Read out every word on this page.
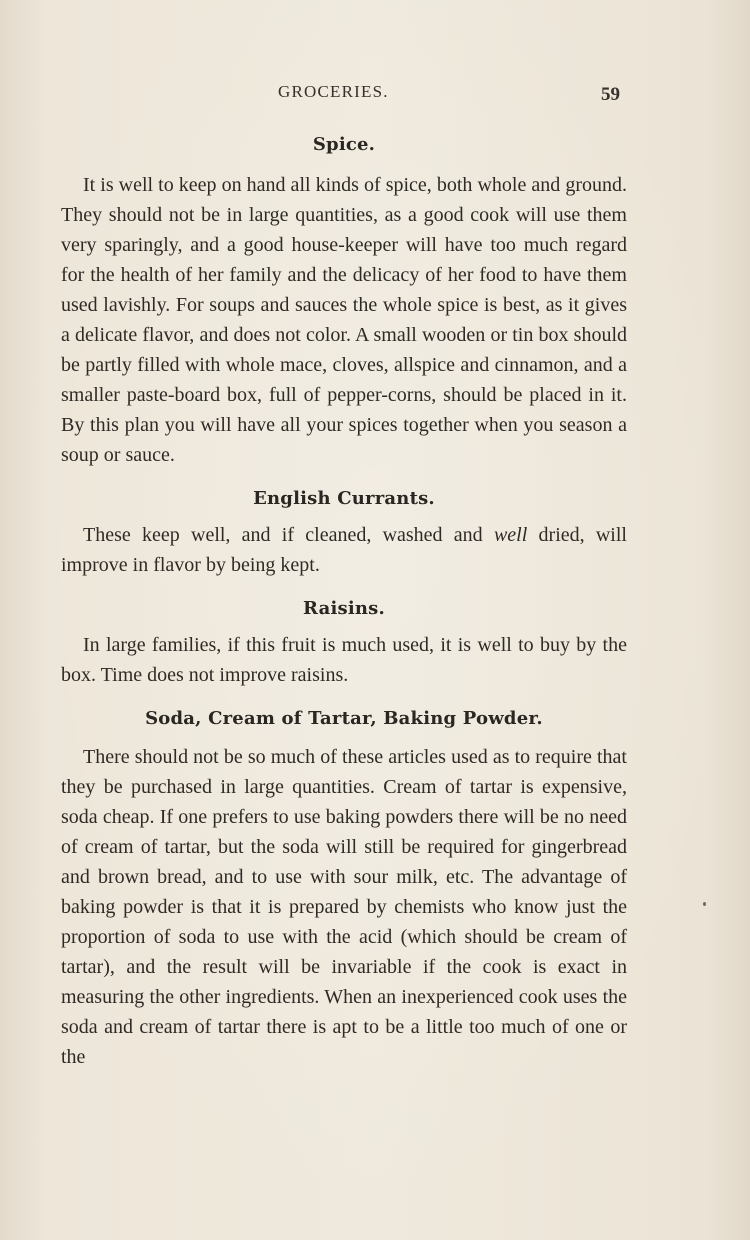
GROCERIES.	59
Spice.

It is well to keep on hand all kinds of spice, both whole and ground. They should not be in large quantities, as a good cook will use them very sparingly, and a good house-keeper will have too much regard for the health of her family and the delicacy of her food to have them used lavishly. For soups and sauces the whole spice is best, as it gives a delicate flavor, and does not color. A small wooden or tin box should be partly filled with whole mace, cloves, allspice and cinnamon, and a smaller paste-board box, full of pepper-corns, should be placed in it. By this plan you will have all your spices together when you season a soup or sauce.

English Currants.

These keep well, and if cleaned, washed and well dried, will improve in flavor by being kept.

Raisins.

In large families, if this fruit is much used, it is well to buy by the box. Time does not improve raisins.

Soda, Cream of Tartar, Baking Powder.

There should not be so much of these articles used as to require that they be purchased in large quantities. Cream of tartar is expensive, soda cheap. If one prefers to use baking powders there will be no need of cream of tartar, but the soda will still be required for gingerbread and brown bread, and to use with sour milk, etc. The advantage of baking powder is that it is prepared by chemists who know just the proportion of soda to use with the acid (which should be cream of tartar), and the result will be invariable if the cook is exact in measuring the other ingredients. When an inexperienced cook uses the soda and cream of tartar there is apt to be a little too much of one or the
